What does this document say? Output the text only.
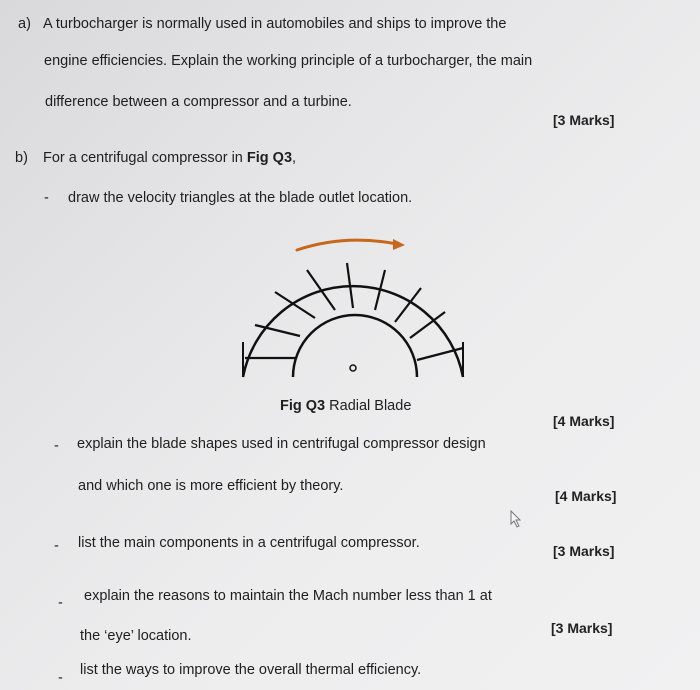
a) A turbocharger is normally used in automobiles and ships to improve the
engine efficiencies. Explain the working principle of a turbocharger, the main
difference between a compressor and a turbine.
[3 Marks]
b) For a centrifugal compressor in Fig Q3,
- draw the velocity triangles at the blade outlet location.
Fig Q3 Radial Blade
[4 Marks]
- explain the blade shapes used in centrifugal compressor design
and which one is more efficient by theory.
[4 Marks]
- list the main components in a centrifugal compressor.	[3 Marks]
- explain the reasons to maintain the Mach number less than 1 at
the ‘eye’ location.	[3 Marks]
- list the ways to improve the overall thermal efficiency.
